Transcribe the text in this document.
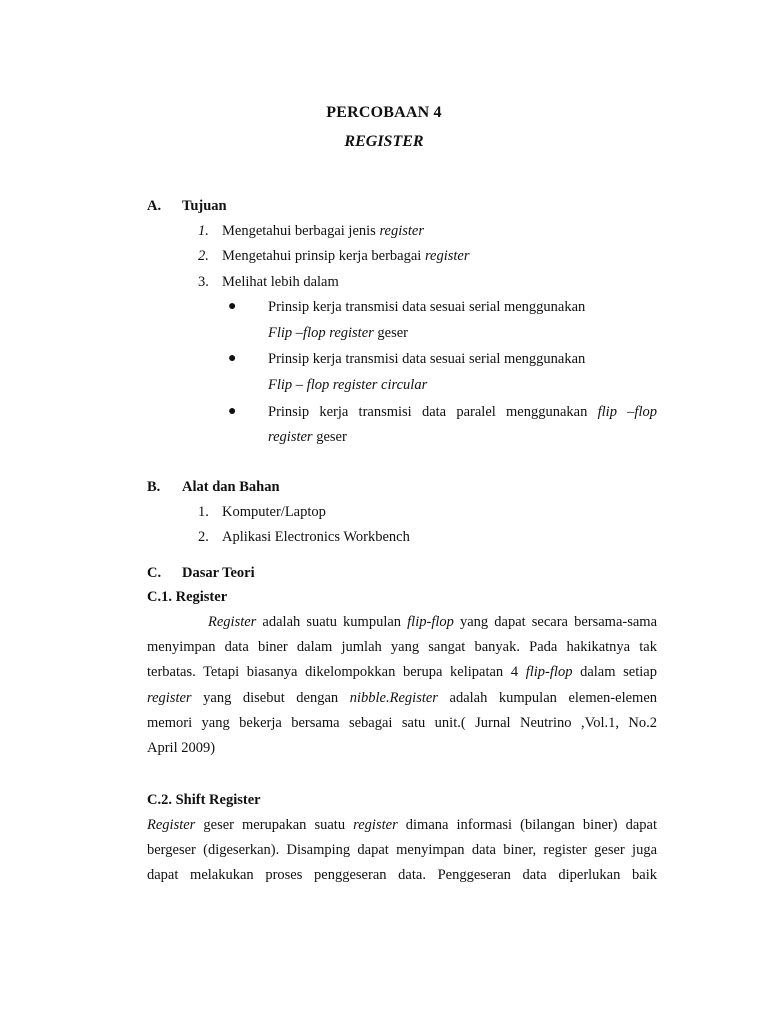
PERCOBAAN 4
REGISTER
A. Tujuan
1. Mengetahui berbagai jenis register
2. Mengetahui prinsip kerja berbagai register
3. Melihat lebih dalam
● Prinsip kerja transmisi data sesuai serial menggunakan
Flip –flop register geser
● Prinsip kerja transmisi data sesuai serial menggunakan
Flip – flop register circular
● Prinsip kerja transmisi data paralel menggunakan flip –flop
register geser
B. Alat dan Bahan
1. Komputer/Laptop
2. Aplikasi Electronics Workbench
C. Dasar Teori
C.1. Register
Register adalah suatu kumpulan flip-flop yang dapat secara bersama-sama
menyimpan data biner dalam jumlah yang sangat banyak. Pada hakikatnya tak
terbatas. Tetapi biasanya dikelompokkan berupa kelipatan 4 flip-flop dalam setiap
register yang disebut dengan nibble.Register adalah kumpulan elemen-elemen
memori yang bekerja bersama sebagai satu unit.( Jurnal Neutrino ,Vol.1, No.2
April 2009)
C.2. Shift Register
Register geser merupakan suatu register dimana informasi (bilangan biner) dapat
bergeser (digeserkan). Disamping dapat menyimpan data biner, register geser juga
dapat melakukan proses penggeseran data. Penggeseran data diperlukan baik
